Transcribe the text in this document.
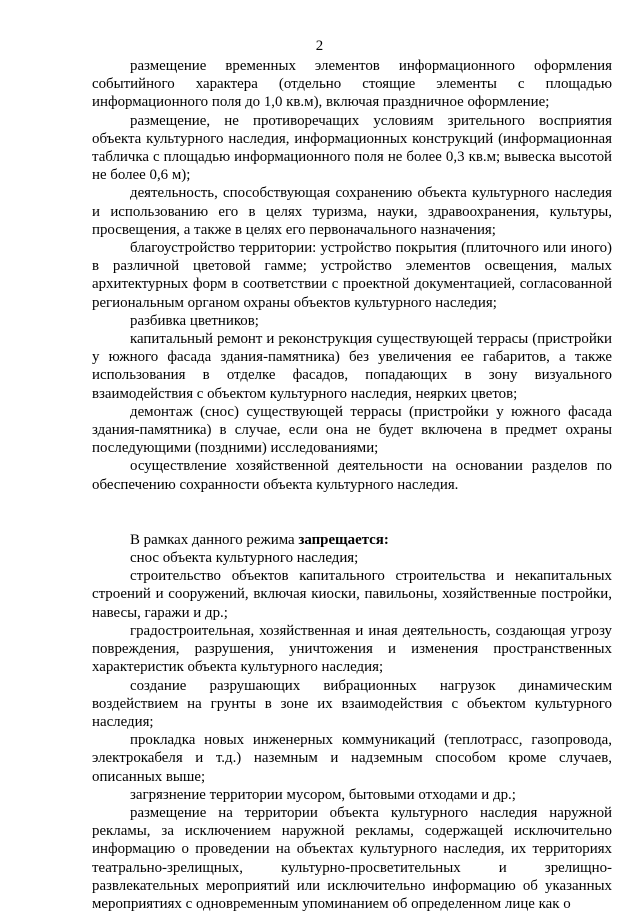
2

размещение временных элементов информационного оформления событийного характера (отдельно стоящие элементы с площадью информационного поля до 1,0 кв.м), включая праздничное оформление;

размещение, не противоречащих условиям зрительного восприятия объекта культурного наследия, информационных конструкций (информационная табличка с площадью информационного поля не более 0,3 кв.м; вывеска высотой не более 0,6 м);

деятельность, способствующая сохранению объекта культурного наследия и использованию его в целях туризма, науки, здравоохранения, культуры, просвещения, а также в целях его первоначального назначения;

благоустройство территории: устройство покрытия (плиточного или иного) в различной цветовой гамме; устройство элементов освещения, малых архитектурных форм в соответствии с проектной документацией, согласованной региональным органом охраны объектов культурного наследия;

разбивка цветников;

капитальный ремонт и реконструкция существующей террасы (пристройки у южного фасада здания-памятника) без увеличения ее габаритов, а также использования в отделке фасадов, попадающих в зону визуального взаимодействия с объектом культурного наследия, неярких цветов;

демонтаж (снос) существующей террасы (пристройки у южного фасада здания-памятника) в случае, если она не будет включена в предмет охраны последующими (поздними) исследованиями;

осуществление хозяйственной деятельности на основании разделов по обеспечению сохранности объекта культурного наследия.

В рамках данного режима запрещается:

снос объекта культурного наследия;

строительство объектов капитального строительства и некапитальных строений и сооружений, включая киоски, павильоны, хозяйственные постройки, навесы, гаражи и др.;

градостроительная, хозяйственная и иная деятельность, создающая угрозу повреждения, разрушения, уничтожения и изменения пространственных характеристик объекта культурного наследия;

создание разрушающих вибрационных нагрузок динамическим воздействием на грунты в зоне их взаимодействия с объектом культурного наследия;

прокладка новых инженерных коммуникаций (теплотрасс, газопровода, электрокабеля и т.д.) наземным и надземным способом кроме случаев, описанных выше;

загрязнение территории мусором, бытовыми отходами и др.;

размещение на территории объекта культурного наследия наружной рекламы, за исключением наружной рекламы, содержащей исключительно информацию о проведении на объектах культурного наследия, их территориях театрально-зрелищных, культурно-просветительных и зрелищно-развлекательных мероприятий или исключительно информацию об указанных мероприятиях с одновременным упоминанием об определенном лице как о
